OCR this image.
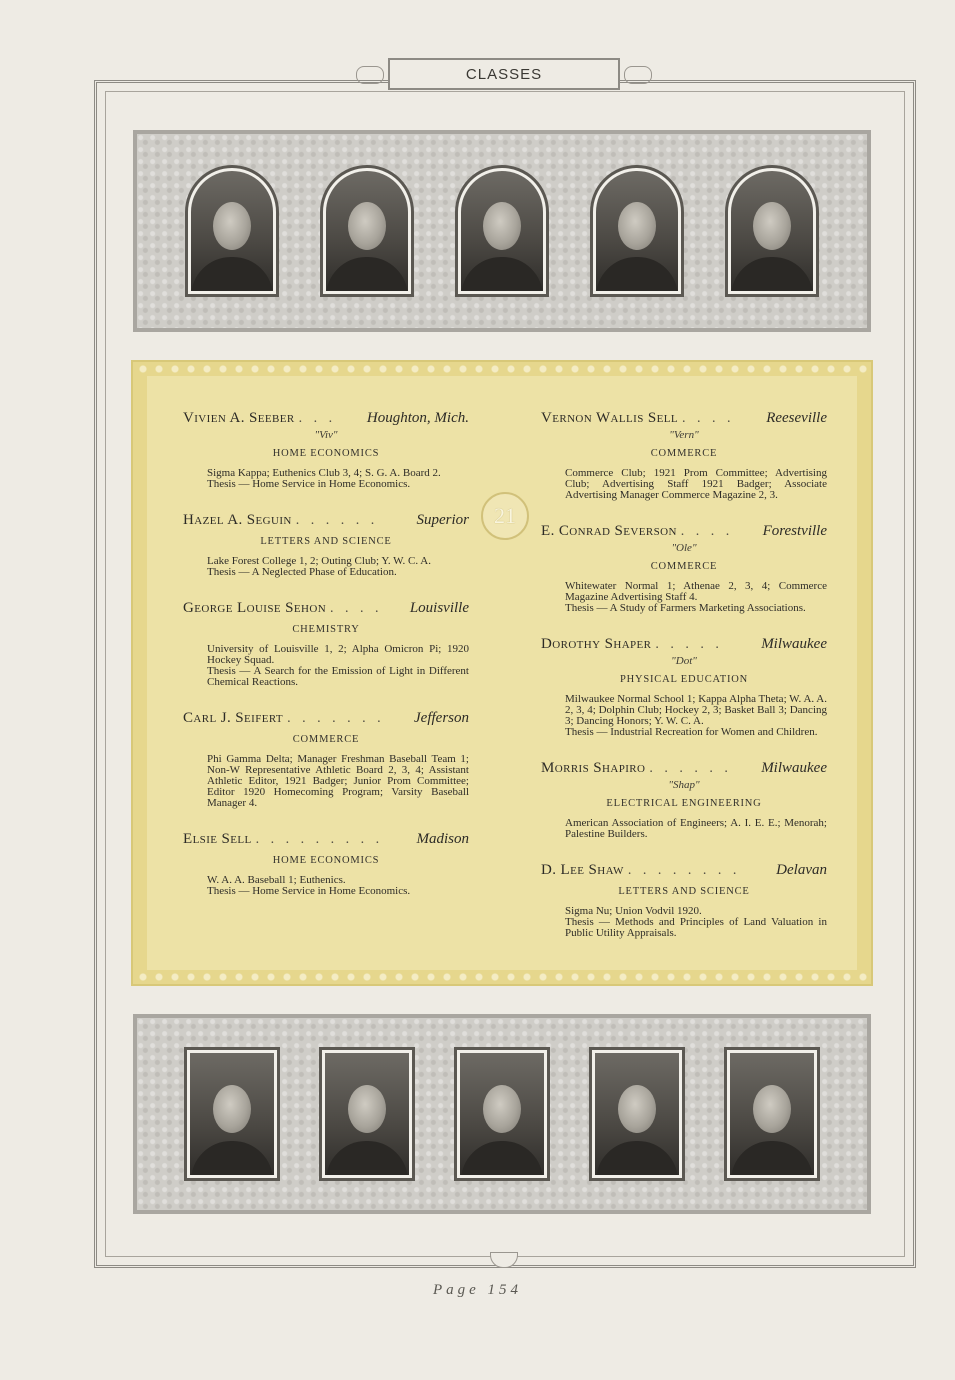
CLASSES
21
Vivien A. Seeber . . .	Houghton, Mich.
"Viv"
HOME ECONOMICS

Sigma Kappa; Euthenics Club 3, 4; S. G. A. Board 2.

Thesis — Home Service in Home Economics.

Hazel A. Seguin . . . . . .	Superior
LETTERS AND SCIENCE

Lake Forest College 1, 2; Outing Club; Y. W. C. A.

Thesis — A Neglected Phase of Education.

George Louise Sehon . . . .	Louisville
CHEMISTRY

University of Louisville 1, 2; Alpha Omicron Pi; 1920 Hockey Squad.

Thesis — A Search for the Emission of Light in Different Chemical Reactions.

Carl J. Seifert . . . . . . .	Jefferson
COMMERCE

Phi Gamma Delta; Manager Freshman Baseball Team 1; Non-W Representative Athletic Board 2, 3, 4; Assistant Athletic Editor, 1921 Badger; Junior Prom Committee; Editor 1920 Homecoming Program; Varsity Baseball Manager 4.

Elsie Sell . . . . . . . . .	Madison
HOME ECONOMICS

W. A. A. Baseball 1; Euthenics.

Thesis — Home Service in Home Economics.

Vernon Wallis Sell . . . .	Reeseville
"Vern"
COMMERCE

Commerce Club; 1921 Prom Committee; Advertising Club; Advertising Staff 1921 Badger; Associate Advertising Manager Commerce Magazine 2, 3.

E. Conrad Severson . . . .	Forestville
"Ole"
COMMERCE

Whitewater Normal 1; Athenae 2, 3, 4; Commerce Magazine Advertising Staff 4.

Thesis — A Study of Farmers Marketing Associations.

Dorothy Shaper . . . . .	Milwaukee
"Dot"
PHYSICAL EDUCATION

Milwaukee Normal School 1; Kappa Alpha Theta; W. A. A. 2, 3, 4; Dolphin Club; Hockey 2, 3; Basket Ball 3; Dancing 3; Dancing Honors; Y. W. C. A.

Thesis — Industrial Recreation for Women and Children.

Morris Shapiro . . . . . .	Milwaukee
"Shap"
ELECTRICAL ENGINEERING

American Association of Engineers; A. I. E. E.; Menorah; Palestine Builders.

D. Lee Shaw . . . . . . . .	Delavan
LETTERS AND SCIENCE

Sigma Nu; Union Vodvil 1920.

Thesis — Methods and Principles of Land Valuation in Public Utility Appraisals.

Page 154
